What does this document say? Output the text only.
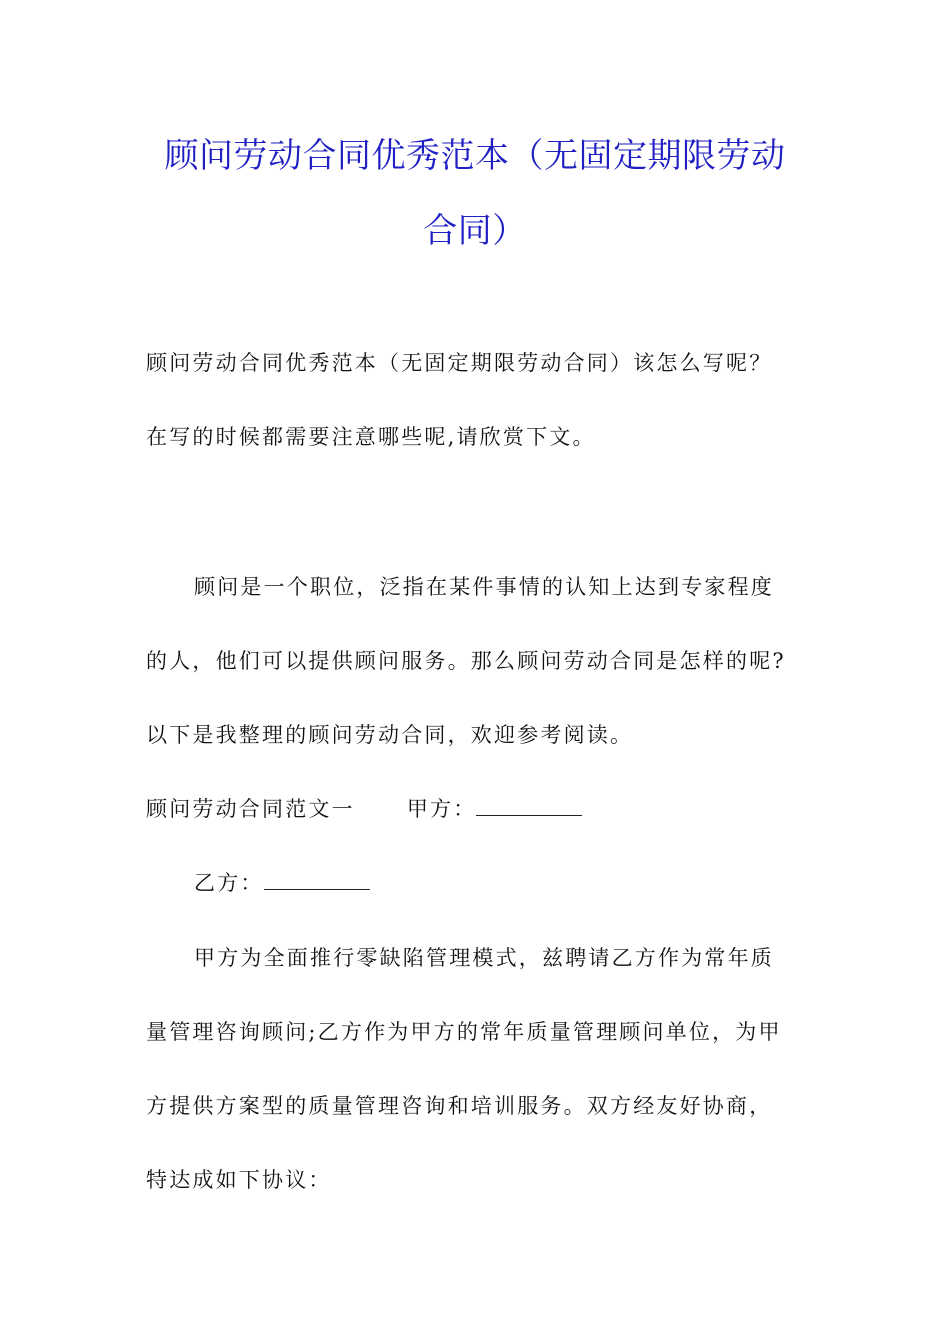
顾问劳动合同优秀范本（无固定期限劳动
合同）
顾问劳动合同优秀范本（无固定期限劳动合同）该怎么写呢？
在写的时候都需要注意哪些呢,请欣赏下文。
顾问是一个职位，泛指在某件事情的认知上达到专家程度
的人，他们可以提供顾问服务。那么顾问劳动合同是怎样的呢?
以下是我整理的顾问劳动合同，欢迎参考阅读。
顾问劳动合同范文一 甲方：
乙方：
甲方为全面推行零缺陷管理模式，兹聘请乙方作为常年质
量管理咨询顾问;乙方作为甲方的常年质量管理顾问单位，为甲
方提供方案型的质量管理咨询和培训服务。双方经友好协商，
特达成如下协议：
